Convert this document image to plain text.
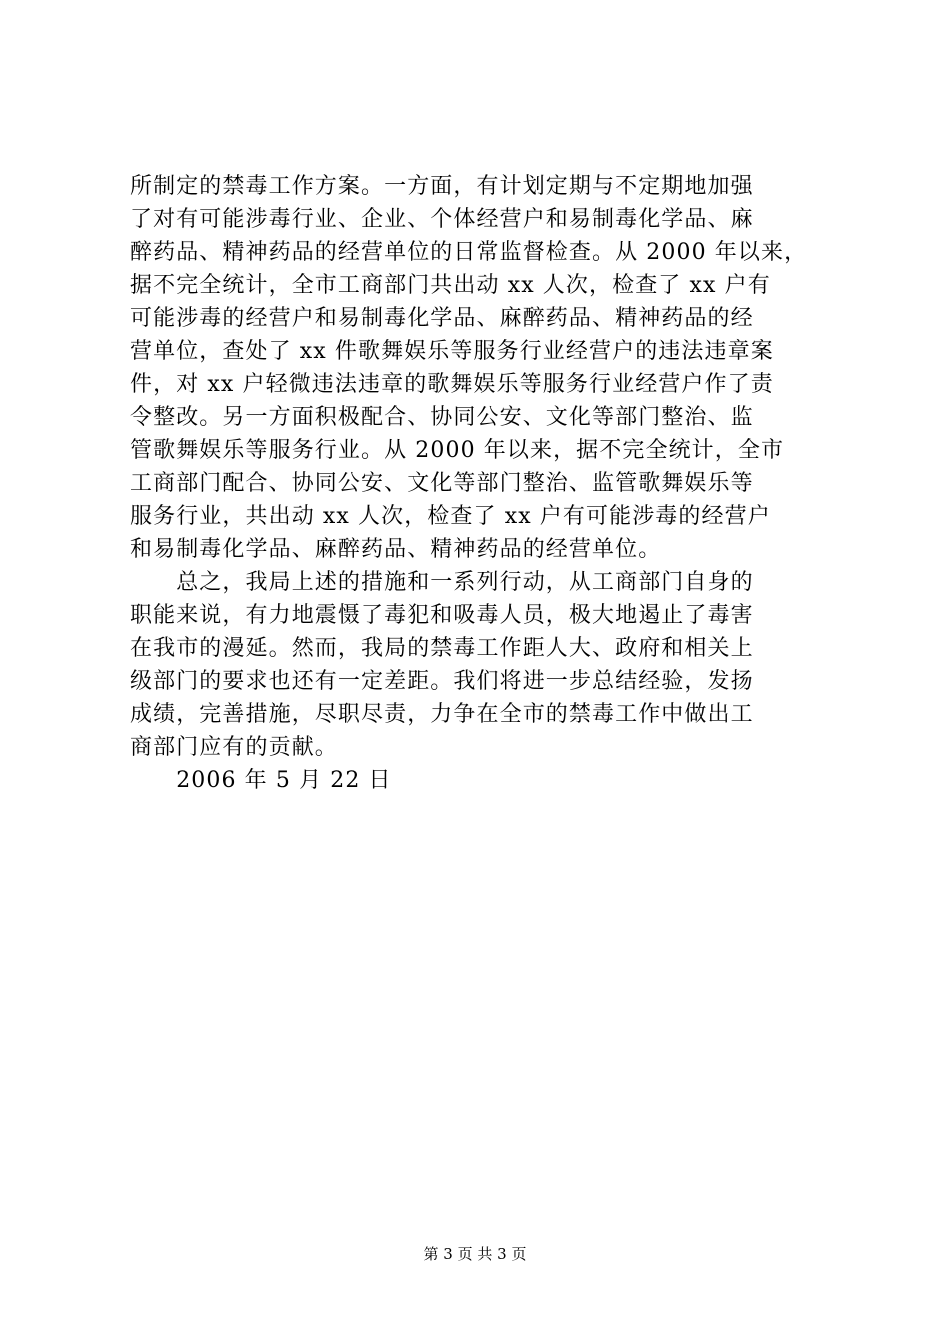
所制定的禁毒工作方案。一方面，有计划定期与不定期地加强
了对有可能涉毒行业、企业、个体经营户和易制毒化学品、麻
醉药品、精神药品的经营单位的日常监督检查。从 2000 年以来，
据不完全统计，全市工商部门共出动 xx 人次，检查了 xx 户有
可能涉毒的经营户和易制毒化学品、麻醉药品、精神药品的经
营单位，查处了 xx 件歌舞娱乐等服务行业经营户的违法违章案
件，对 xx 户轻微违法违章的歌舞娱乐等服务行业经营户作了责
令整改。另一方面积极配合、协同公安、文化等部门整治、监
管歌舞娱乐等服务行业。从 2000 年以来，据不完全统计，全市
工商部门配合、协同公安、文化等部门整治、监管歌舞娱乐等
服务行业，共出动 xx 人次，检查了 xx 户有可能涉毒的经营户
和易制毒化学品、麻醉药品、精神药品的经营单位。
　　总之，我局上述的措施和一系列行动，从工商部门自身的
职能来说，有力地震慑了毒犯和吸毒人员，极大地遏止了毒害
在我市的漫延。然而，我局的禁毒工作距人大、政府和相关上
级部门的要求也还有一定差距。我们将进一步总结经验，发扬
成绩，完善措施，尽职尽责，力争在全市的禁毒工作中做出工
商部门应有的贡献。
　　2006 年 5 月 22 日
第 3 页 共 3 页
